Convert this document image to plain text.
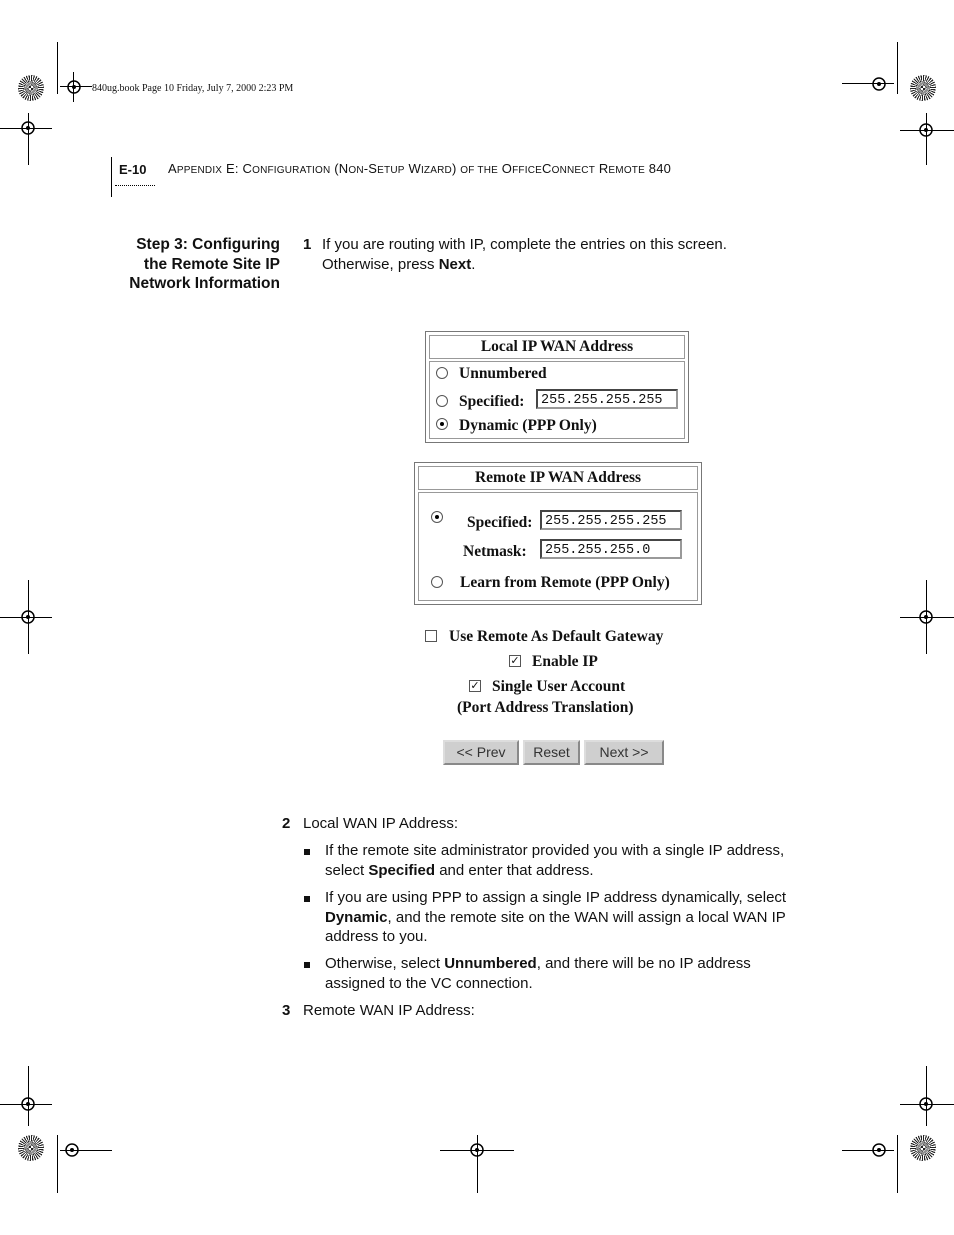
840ug.book Page 10 Friday, July 7, 2000 2:23 PM
E-10 APPENDIX E: CONFIGURATION (NON-SETUP WIZARD) OF THE OFFICECONNECT REMOTE 840
Step 3: Configuring
the Remote Site IP
Network Information
1 If you are routing with IP, complete the entries on this screen.
Otherwise, press Next.
Local IP WAN Address
Unnumbered
Specified:	255.255.255.255
Dynamic (PPP Only)
Remote IP WAN Address
Specified: 255.255.255.255
Netmask:	255.255.255.0
Learn from Remote (PPP Only)
Use Remote As Default Gateway
✓ Enable IP
✓ Single User Account
(Port Address Translation)
<< Prev	Reset	Next >>
2 Local WAN IP Address:
If the remote site administrator provided you with a single IP address,
select Specified and enter that address.
If you are using PPP to assign a single IP address dynamically, select
Dynamic, and the remote site on the WAN will assign a local WAN IP
address to you.
Otherwise, select Unnumbered, and there will be no IP address
assigned to the VC connection.
3 Remote WAN IP Address:
